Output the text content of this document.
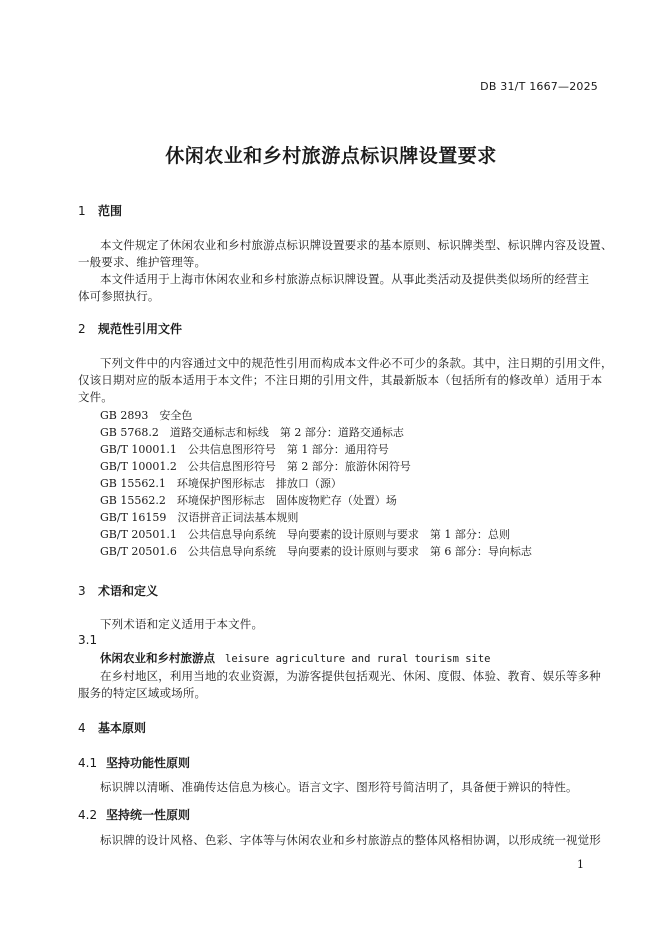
DB 31/T 1667—2025
休闲农业和乡村旅游点标识牌设置要求
1 范围
本文件规定了休闲农业和乡村旅游点标识牌设置要求的基本原则、标识牌类型、标识牌内容及设置、
一般要求、维护管理等。
本文件适用于上海市休闲农业和乡村旅游点标识牌设置。从事此类活动及提供类似场所的经营主
体可参照执行。
2 规范性引用文件
下列文件中的内容通过文中的规范性引用而构成本文件必不可少的条款。其中，注日期的引用文件，
仅该日期对应的版本适用于本文件；不注日期的引用文件，其最新版本（包括所有的修改单）适用于本
文件。
GB 2893　安全色
GB 5768.2　道路交通标志和标线　第 2 部分：道路交通标志
GB/T 10001.1　公共信息图形符号　第 1 部分：通用符号
GB/T 10001.2　公共信息图形符号　第 2 部分：旅游休闲符号
GB 15562.1　环境保护图形标志　排放口（源）
GB 15562.2　环境保护图形标志　固体废物贮存（处置）场
GB/T 16159　汉语拼音正词法基本规则
GB/T 20501.1　公共信息导向系统　导向要素的设计原则与要求　第 1 部分：总则
GB/T 20501.6　公共信息导向系统　导向要素的设计原则与要求　第 6 部分：导向标志
3 术语和定义
下列术语和定义适用于本文件。
3.1
休闲农业和乡村旅游点 leisure agriculture and rural tourism site
在乡村地区，利用当地的农业资源，为游客提供包括观光、休闲、度假、体验、教育、娱乐等多种
服务的特定区域或场所。
4 基本原则
4.1 坚持功能性原则
标识牌以清晰、准确传达信息为核心。语言文字、图形符号简洁明了，具备便于辨识的特性。
4.2 坚持统一性原则
标识牌的设计风格、色彩、字体等与休闲农业和乡村旅游点的整体风格相协调，以形成统一视觉形
1
